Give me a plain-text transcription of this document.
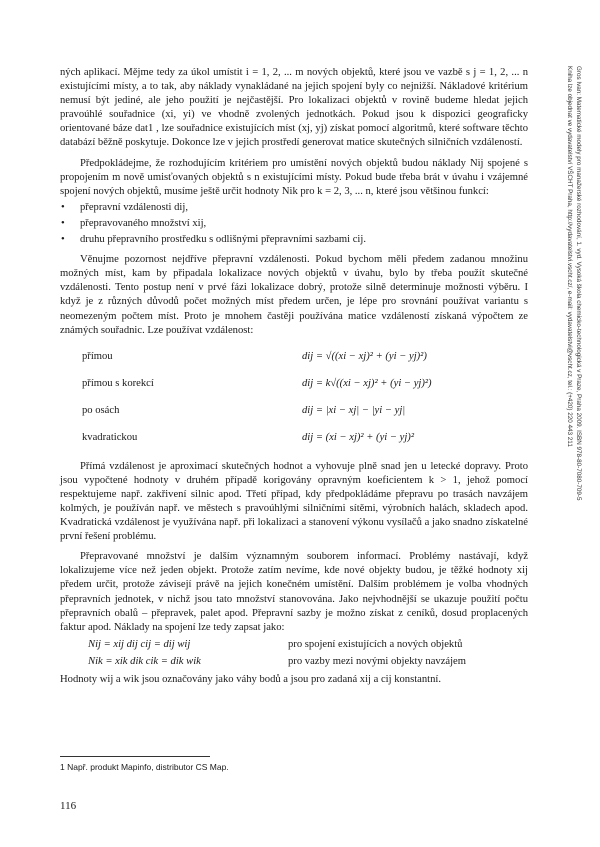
Gros Ivan: Matematické modely pro manažerské rozhodování, 1. vyd. Vysoká škola chemicko-technologická v Praze, Praha 2009. ISBN 978-80-7080-709-5
Kniha lze objednat ve vydavatelství VŠCHT Praha, http://vydavatelstvi.vscht.cz/, e-mail: vydavatelstvi@vscht.cz, tel.: (+420) 220 443 211

ných aplikací. Mějme tedy za úkol umístit i = 1, 2, ... m nových objektů, které jsou ve vazbě s j = 1, 2, ... n existujícími místy, a to tak, aby náklady vynakládané na jejich spojení byly co nejnižší. Nákladové kritérium nemusí být jediné, ale jeho použití je nejčastější. Pro lokalizaci objektů v rovině budeme hledat jejich pravoúhlé souřadnice (xi, yi) ve vhodně zvolených jednotkách. Pokud jsou k dispozici geograficky orientované báze dat1 , lze souřadnice existujících míst (xj, yj) získat pomocí algoritmů, které software těchto databází běžně poskytuje. Dokonce lze v jejich prostředí generovat matice skutečných silničních vzdáleností.

Předpokládejme, že rozhodujícím kritériem pro umístění nových objektů budou náklady Nij spojené s propojením m nově umisťovaných objektů s n existujícími místy. Pokud bude třeba brát v úvahu i vzájemné spojení nových objektů, musíme ještě určit hodnoty Nik pro k = 2, 3, ... n, které jsou většinou funkcí:

• přepravní vzdálenosti dij,
• přepravovaného množství xij,
• druhu přepravního prostředku s odlišnými přepravními sazbami cij.

Věnujme pozornost nejdříve přepravní vzdálenosti. Pokud bychom měli předem zadanou množinu možných míst, kam by připadala lokalizace nových objektů v úvahu, bylo by třeba použít skutečné vzdálenosti. Tento postup není v prvé fázi lokalizace dobrý, protože silně determinuje možnosti výběru. I když je z různých důvodů počet možných míst předem určen, je lépe pro srovnání používat variantu s neomezeným počtem míst. Proto je mnohem častěji používána matice vzdáleností získaná výpočtem ze známých souřadnic. Lze používat vzdálenost:

přímou	dij = √((xi − xj)² + (yi − yj)²)
přímou s korekcí	dij = k√((xi − xj)² + (yi − yj)²)
po osách	dij = |xi − xj| − |yi − yj|
kvadratickou	dij = (xi − xj)² + (yi − yj)²

Přímá vzdálenost je aproximací skutečných hodnot a vyhovuje plně snad jen u letecké dopravy. Proto jsou vypočtené hodnoty v druhém případě korigovány opravným koeficientem k > 1, jehož pomocí respektujeme např. zakřivení silnic apod. Třetí případ, kdy předpokládáme přepravu po trasách navzájem kolmých, je používán např. ve městech s pravoúhlými silničními sítěmi, výrobních halách, skladech apod. Kvadratická vzdálenost je využívána např. při lokalizaci a stanovení výkonu vysílačů a jako snadno získatelné první řešení problému.

Přepravované množství je dalším významným souborem informací. Problémy nastávají, když lokalizujeme více než jeden objekt. Protože zatím nevíme, kde nové objekty budou, je těžké hodnoty xij předem určit, protože závisejí právě na jejich konečném umístění. Dalším problémem je volba vhodných přepravních jednotek, v nichž jsou tato množství stanovována. Jako nejvhodnější se ukazuje použití počtu přepravních obalů – přepravek, palet apod. Přepravní sazby je možno získat z ceníků, dosud proplacených faktur apod. Náklady na spojení lze tedy zapsat jako:

Nij = xij dij cij = dij wij	pro spojení existujících a nových objektů
Nik = xik dik cik = dik wik	pro vazby mezi novými objekty navzájem

Hodnoty wij a wik jsou označovány jako váhy bodů a jsou pro zadaná xij a cij konstantní.

1 Např. produkt Mapinfo, distributor CS Map.
116
